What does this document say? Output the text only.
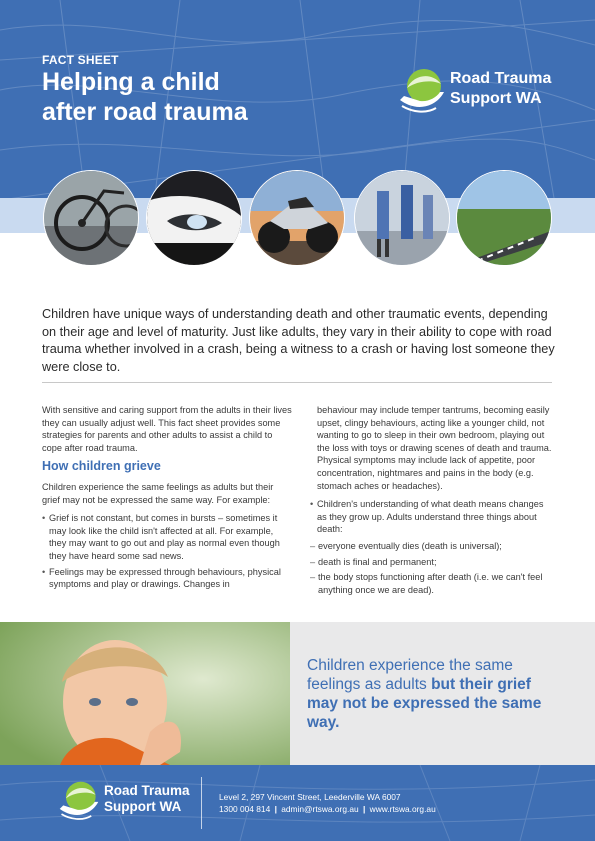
FACT SHEET
Helping a child
after road trauma
Road Trauma
Support WA

Children have unique ways of understanding death and other traumatic events, depending on their age and level of maturity. Just like adults, they vary in their ability to cope with road trauma whether involved in a crash, being a witness to a crash or having lost someone they were close to.

With sensitive and caring support from the adults in their lives they can usually adjust well. This fact sheet provides some strategies for parents and other adults to assist a child to cope after road trauma.

How children grieve

Children experience the same feelings as adults but their grief may not be expressed the same way. For example:

• Grief is not constant, but comes in bursts – sometimes it may look like the child isn't affected at all. For example, they may want to go out and play as normal even though they have heard some sad news.
• Feelings may be expressed through behaviours, physical symptoms and play or drawings. Changes in

behaviour may include temper tantrums, becoming easily upset, clingy behaviours, acting like a younger child, not wanting to go to sleep in their own bedroom, playing out the loss with toys or drawing scenes of death and trauma. Physical symptoms may include lack of appetite, poor concentration, nightmares and pains in the body (e.g. stomach aches or headaches).

• Children's understanding of what death means changes as they grow up. Adults understand three things about death:
– everyone eventually dies (death is universal);
– death is final and permanent;
– the body stops functioning after death (i.e. we can't feel anything once we are dead).

Children experience the same feelings as adults but their grief may not be expressed the same way.

Road Trauma
Support WA
Level 2, 297 Vincent Street, Leederville WA 6007
1300 004 814 | admin@rtswa.org.au | www.rtswa.org.au
